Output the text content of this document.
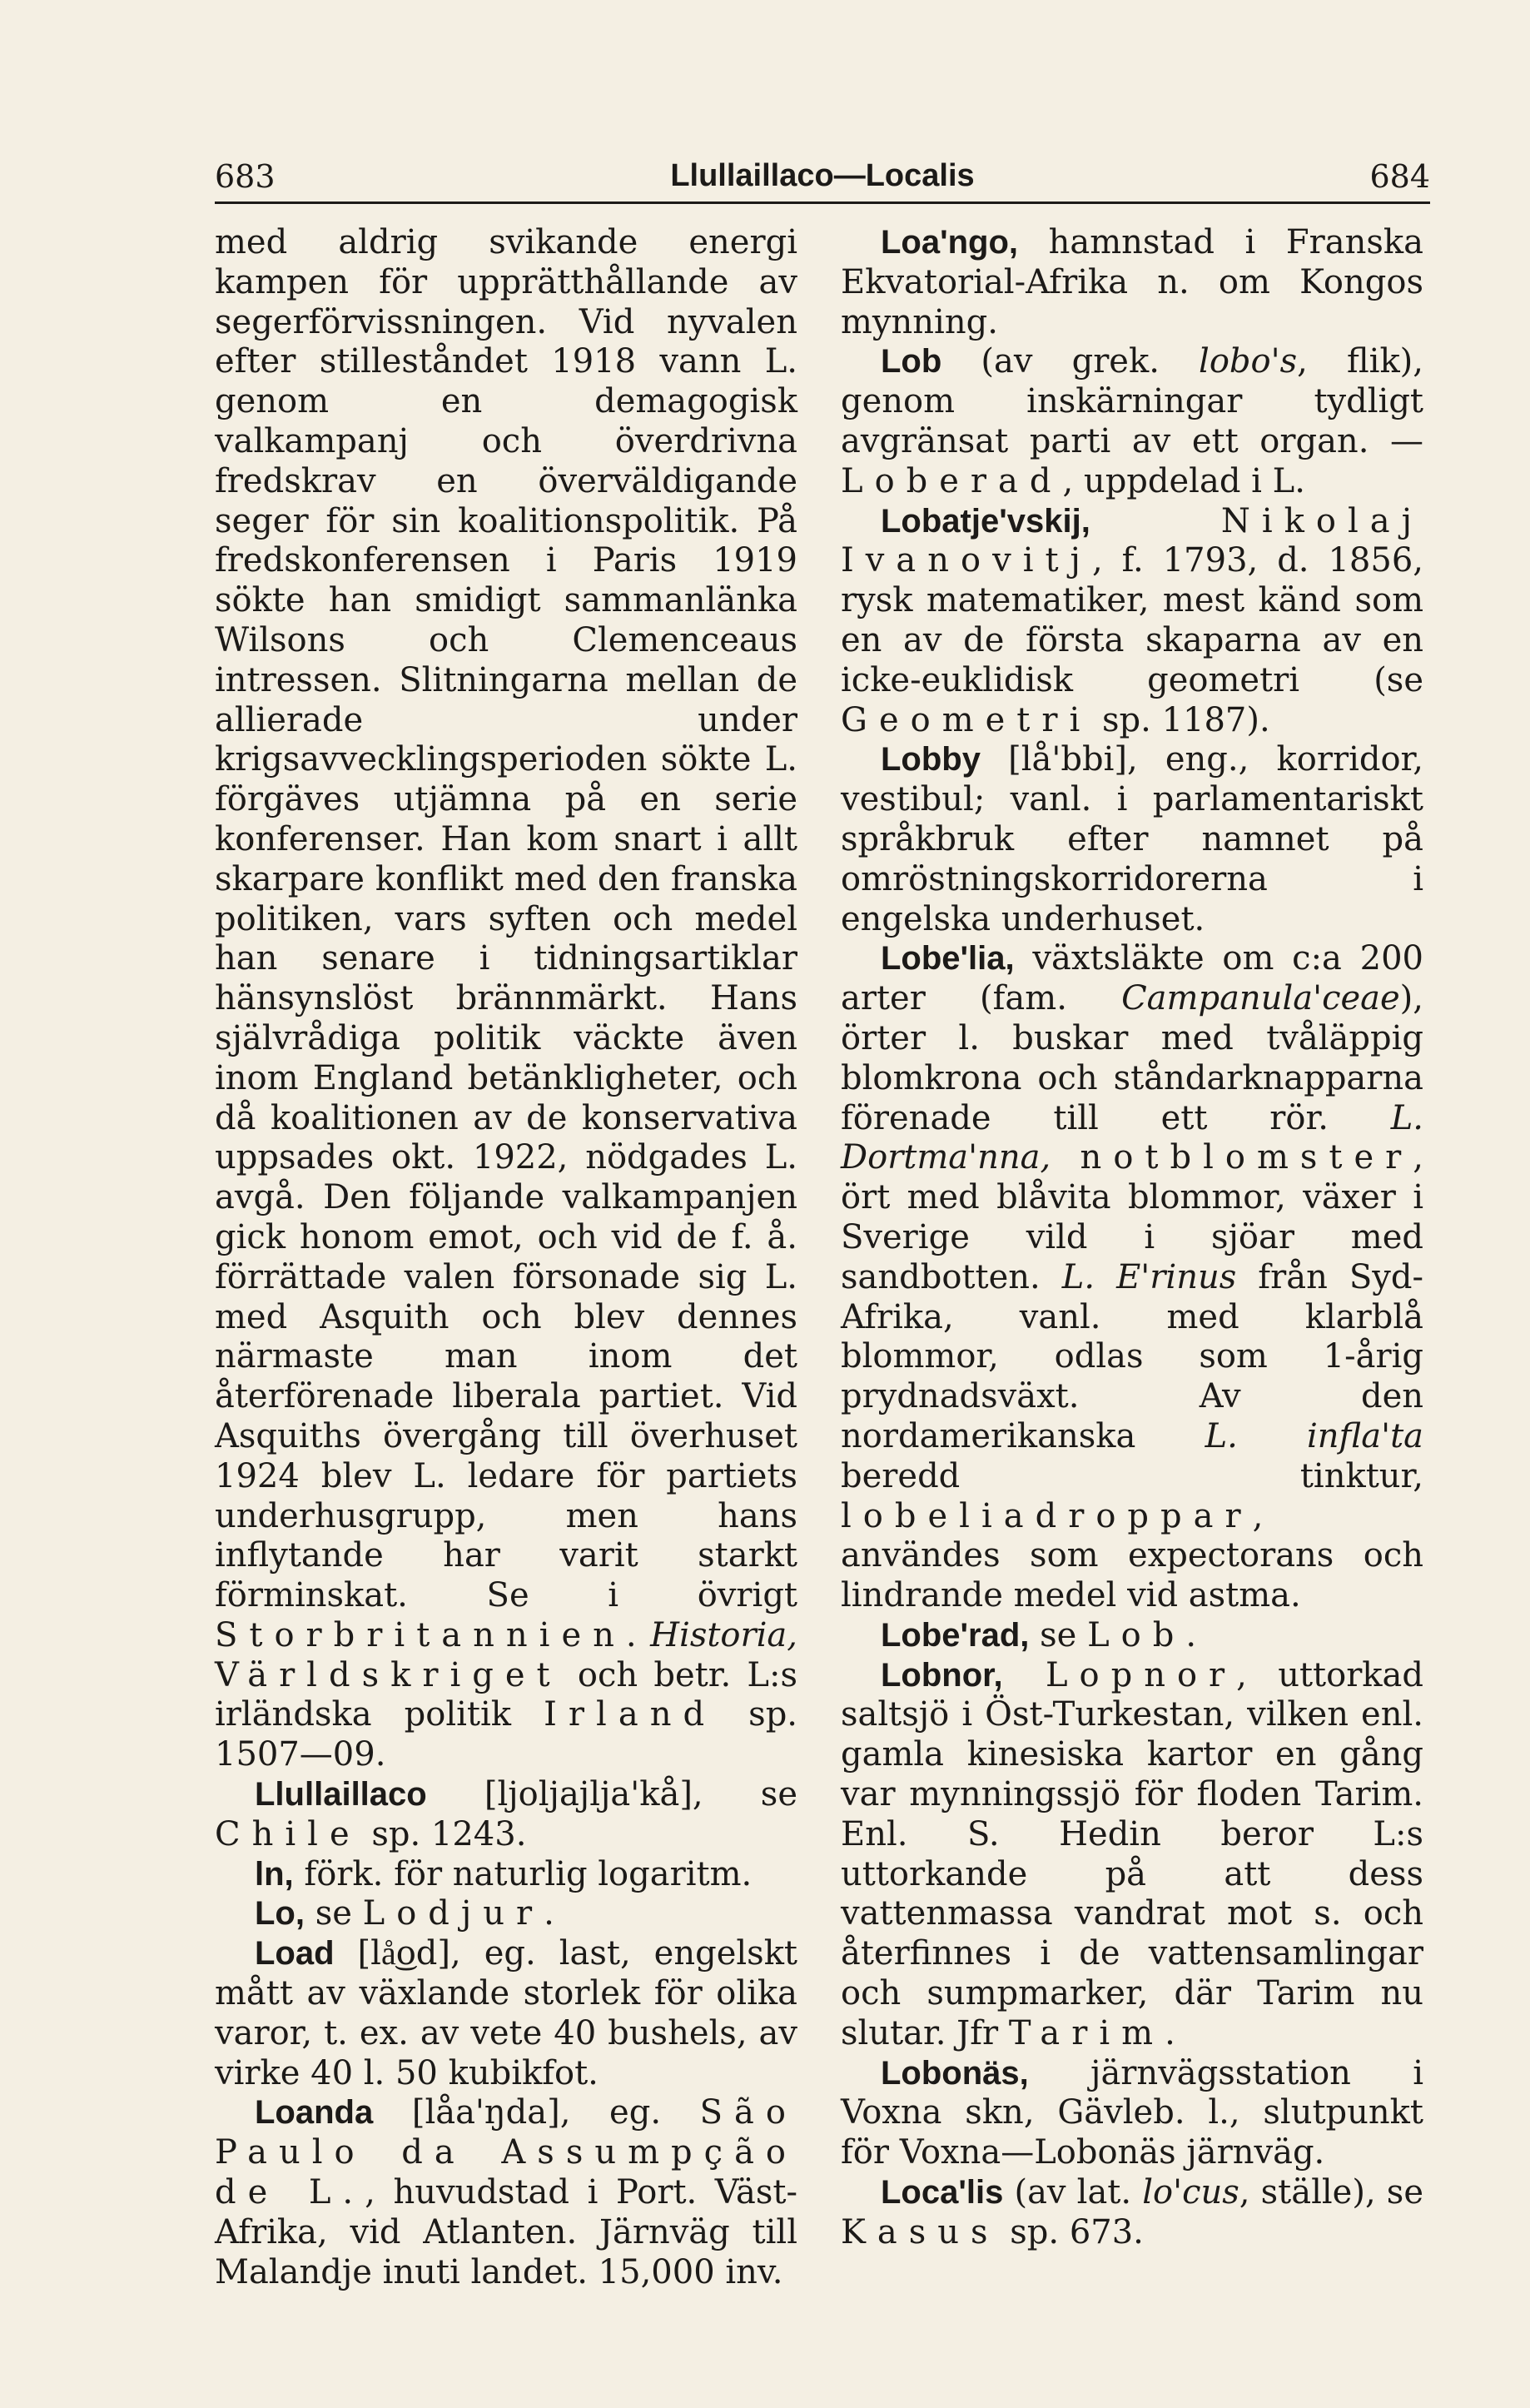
683	Llullaillaco—Localis	684

med aldrig svikande energi kampen för upprätthållande av segerförvissningen. Vid nyvalen efter stilleståndet 1918 vann L. genom en demagogisk valkampanj och överdrivna fredskrav en överväldigande seger för sin koalitionspolitik. På fredskonferensen i Paris 1919 sökte han smidigt sammanlänka Wilsons och Clemenceaus intressen. Slitningarna mellan de allierade under krigsavvecklingsperioden sökte L. förgäves utjämna på en serie konferenser. Han kom snart i allt skarpare konflikt med den franska politiken, vars syften och medel han senare i tidningsartiklar hänsynslöst brännmärkt. Hans självrådiga politik väckte även inom England betänkligheter, och då koalitionen av de konservativa uppsades okt. 1922, nödgades L. avgå. Den följande valkampanjen gick honom emot, och vid de f. å. förrättade valen försonade sig L. med Asquith och blev dennes närmaste man inom det återförenade liberala partiet. Vid Asquiths övergång till överhuset 1924 blev L. ledare för partiets underhusgrupp, men hans inflytande har varit starkt förminskat. Se i övrigt Storbritannien. Historia, Världskriget och betr. L:s irländska politik Irland sp. 1507—09.

Llullaillaco [ljoljajlja'kå], se Chile sp. 1243.

ln, förk. för naturlig logaritm.

Lo, se Lodjur.

Load [lå͜od], eg. last, engelskt mått av växlande storlek för olika varor, t. ex. av vete 40 bushels, av virke 40 l. 50 kubikfot.

Loanda [låa'ŋda], eg. São Paulo da Assumpção de L., huvudstad i Port. Väst-Afrika, vid Atlanten. Järnväg till Malandje inuti landet. 15,000 inv.

Loa'ngo, hamnstad i Franska Ekvatorial-Afrika n. om Kongos mynning.

Lob (av grek. lobo's, flik), genom inskärningar tydligt avgränsat parti av ett organ. — Loberad, uppdelad i L.

Lobatje'vskij, Nikolaj Ivanovitj, f. 1793, d. 1856, rysk matematiker, mest känd som en av de första skaparna av en icke-euklidisk geometri (se Geometri sp. 1187).

Lobby [lå'bbi], eng., korridor, vestibul; vanl. i parlamentariskt språkbruk efter namnet på omröstningskorridorerna i engelska underhuset.

Lobe'lia, växtsläkte om c:a 200 arter (fam. Campanula'ceae), örter l. buskar med tvåläppig blomkrona och ståndarknapparna förenade till ett rör. L. Dortma'nna, notblomster, ört med blåvita blommor, växer i Sverige vild i sjöar med sandbotten. L. E'rinus från Syd-Afrika, vanl. med klarblå blommor, odlas som 1-årig prydnadsväxt. Av den nordamerikanska L. infla'ta beredd tinktur, lobeliadroppar, användes som expectorans och lindrande medel vid astma.

Lobe'rad, se Lob.

Lobnor, Lopnor, uttorkad saltsjö i Öst-Turkestan, vilken enl. gamla kinesiska kartor en gång var mynningssjö för floden Tarim. Enl. S. Hedin beror L:s uttorkande på att dess vattenmassa vandrat mot s. och återfinnes i de vattensamlingar och sumpmarker, där Tarim nu slutar. Jfr Tarim.

Lobonäs, järnvägsstation i Voxna skn, Gävleb. l., slutpunkt för Voxna—Lobonäs järnväg.

Loca'lis (av lat. lo'cus, ställe), se Kasus sp. 673.
